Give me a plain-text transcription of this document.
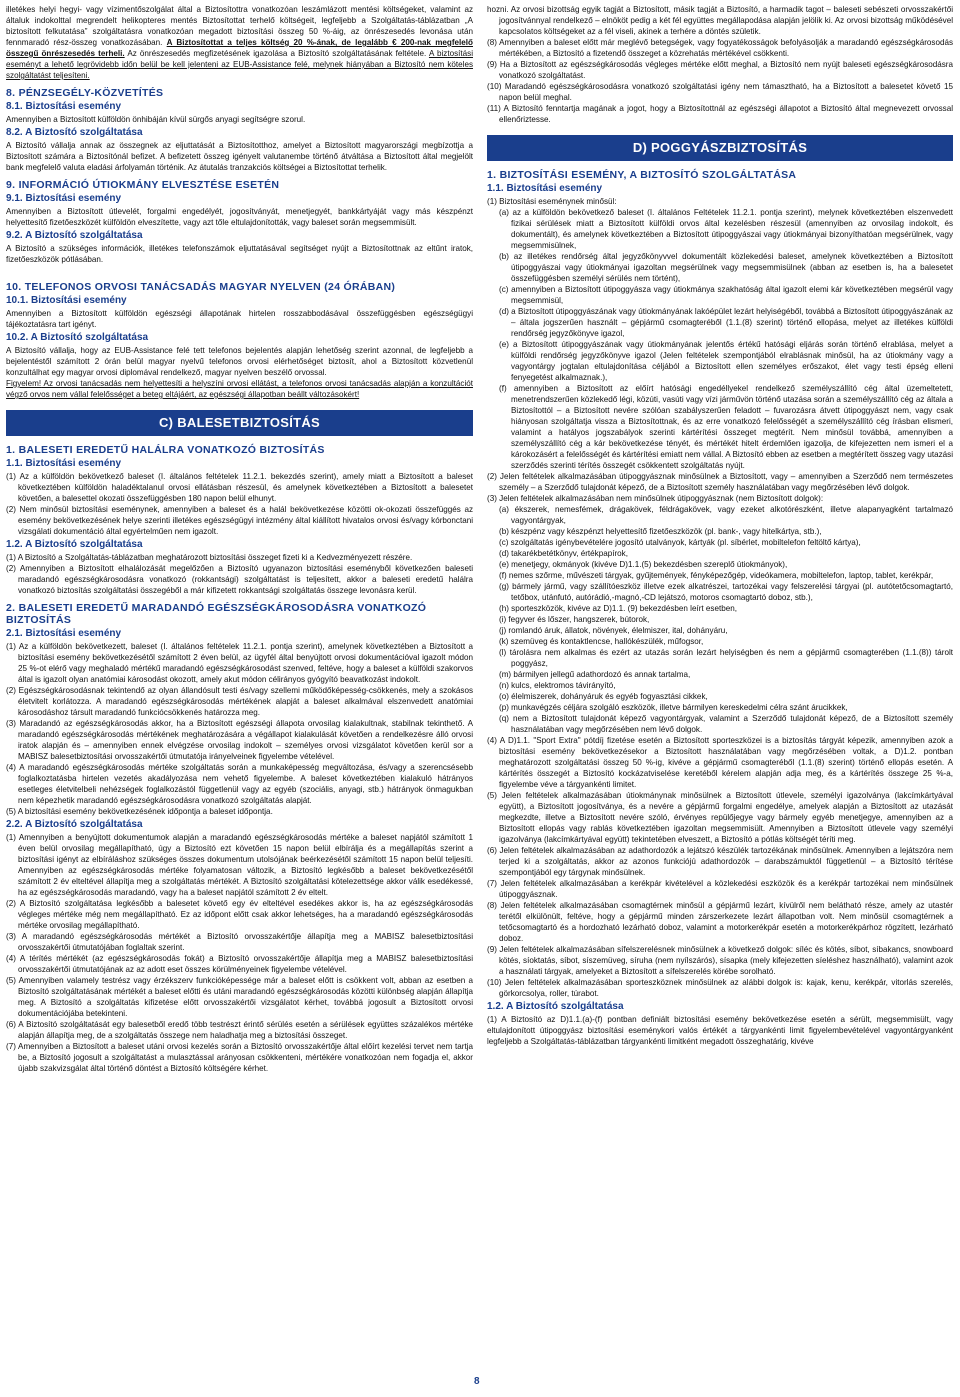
illetékes helyi hegyi- vagy vízimentőszolgálat által a Biztosítottra vonatkozóan leszámlázott mentési költségeket, valamint az általuk indokolttal megrendelt helikopteres mentés Biztosítottat terhelő költségeit, legfeljebb a Szolgáltatás-táblázatban „A biztosított felkutatása” szolgáltatásra vonatkozóan megadott biztosítási összeg 50 %-áig, az önrészesedés levonása után fennmaradó rész-összeg vonatkozásában. A Biztosítottat a teljes költség 20 %-ának, de legalább € 200-nak megfelelő összegű önrészesedés terheli. Az önrészesedés megfizetésének igazolása a Biztosító szolgáltatásának feltétele. A biztosítási eseményt a lehető legrövidebb időn belül be kell jelenteni az EUB-Assistance felé, melynek hiányában a Biztosító nem köteles szolgáltatást teljesíteni.

8. PÉNZSEGÉLY-KÖZVETÍTÉS
8.1. Biztosítási esemény

Amennyiben a Biztosított külföldön önhibáján kívül sürgős anyagi segítségre szorul.

8.2. A Biztosító szolgáltatása

A Biztosító vállalja annak az összegnek az eljuttatását a Biztosítotthoz, amelyet a Biztosított magyarországi megbízottja a Biztosított számára a Biztosítónál befizet. A befizetett összeg igényelt valutanembe történő átváltása a Biztosított által megjelölt bank megfelelő valuta eladási árfolyamán történik. Az átutalás tranzakciós költségei a Biztosítottat terhelik.

9. INFORMÁCIÓ ÚTIOKMÁNY ELVESZTÉSE ESETÉN
9.1. Biztosítási esemény

Amennyiben a Biztosított útlevelét, forgalmi engedélyét, jogosítványát, menetjegyét, bankkártyáját vagy más készpénzt helyettesítő fizetőeszközét külföldön elveszítette, vagy azt tőle eltulajdonították, vagy baleset során megsemmisült.

9.2. A Biztosító szolgáltatása

A Biztosító a szükséges információk, illetékes telefonszámok eljuttatásával segítséget nyújt a Biztosítottnak az eltűnt iratok, fizetőeszközök pótlásában.

10. TELEFONOS ORVOSI TANÁCSADÁS MAGYAR NYELVEN (24 ÓRÁBAN)
10.1. Biztosítási esemény

Amennyiben a Biztosított külföldön egészségi állapotának hirtelen rosszabbodásával összefüggésben egészségügyi tájékoztatásra tart igényt.

10.2. A Biztosító szolgáltatása

A Biztosító vállalja, hogy az EUB-Assistance felé tett telefonos bejelentés alapján lehetőség szerint azonnal, de legfeljebb a bejelentéstől számított 2 órán belül magyar nyelvű telefonos orvosi elérhetőséget biztosít, ahol a Biztosított közvetlenül konzultálhat egy magyar orvosi diplomával rendelkező, magyar nyelven beszélő orvossal.

Figyelem! Az orvosi tanácsadás nem helyettesíti a helyszíni orvosi ellátást, a telefonos orvosi tanácsadás alapján a konzultációt végző orvos nem vállal felelősséget a beteg eltájáért, az egészségi állapotban beállt változásokért!

C) BALESETBIZTOSÍTÁS
1. BALESETI EREDETŰ HALÁLRA VONATKOZÓ BIZTOSÍTÁS
1.1. Biztosítási esemény

(1) Az a külföldön bekövetkező baleset (I. általános feltételek 11.2.1. bekezdés szerint), amely miatt a Biztosított a baleset következtében külföldön haladéktalanul orvosi ellátásban részesül, és amelynek következtében a Biztosított a balesetet követően, a balesettel okozati összefüggésben 180 napon belül elhunyt.

(2) Nem minősül biztosítási eseménynek, amennyiben a baleset és a halál bekövetkezése közötti ok-okozati összefüggés az esemény bekövetkezésének helye szerinti illetékes egészségügyi intézmény által kiállított hivatalos orvosi és/vagy kórbonctani vizsgálati dokumentáció által egyértelműen nem igazolt.

1.2. A Biztosító szolgáltatása

(1) A Biztosító a Szolgáltatás-táblázatban meghatározott biztosítási összeget fizeti ki a Kedvezményezett részére.

(2) Amennyiben a Biztosított elhalálozását megelőzően a Biztosító ugyanazon biztosítási eseményből következően baleseti maradandó egészségkárosodásra vonatkozó (rokkantsági) szolgáltatást is teljesített, akkor a baleseti eredetű halálra vonatkozó biztosítás szolgáltatási összegéből a már kifizetett rokkantsági szolgáltatás összege levonásra kerül.

2. BALESETI EREDETŰ MARADANDÓ EGÉSZSÉGKÁROSODÁSRA VONATKOZÓ BIZTOSÍTÁS
2.1. Biztosítási esemény

(1) Az a külföldön bekövetkezett, baleset (I. általános feltételek 11.2.1. pontja szerint), amelynek következtében a Biztosított a biztosítási esemény bekövetkezésétől számított 2 éven belül, az ügyfél által benyújtott orvosi dokumentációval igazolt módon 25 %-ot elérő vagy meghaladó mértékű maradandó egészségkárosodást szenved, feltéve, hogy a baleset a külföldi szakorvos által is igazolt olyan anatómiai károsodást okozott, amely akut módon célirányos gyógyító beavatkozást indokolt.

(2) Egészségkárosodásnak tekintendő az olyan állandósult testi és/vagy szellemi működőképesség-csökkenés, mely a szokásos életvitelt korlátozza. A maradandó egészségkárosodás mértékének alapját a baleset alkalmával elszenvedett anatómiai károsodáshoz társult maradandó funkciócsökkenés határozza meg.

(3) Maradandó az egészségkárosodás akkor, ha a Biztosított egészségi állapota orvosilag kialakultnak, stabilnak tekinthető. A maradandó egészségkárosodás mértékének meghatározására a végállapot kialakulását követően a rendelkezésre álló orvosi iratok alapján és – amennyiben ennek elvégzése orvosilag indokolt – személyes orvosi vizsgálatot követően kerül sor a MABISZ balesetbiztosítási orvosszakértői útmutatója irányelveinek figyelembe vételével.

(4) A maradandó egészségkárosodás mértéke szolgáltatás során a munkaképesség megváltozása, és/vagy a szerencsésebb foglalkoztatásba hirtelen vezetés akadályozása nem vehető figyelembe. A baleset következtében kialakuló hátrányos esetleges életvitelbeli nehézségek foglalkozástól függetlenül vagy az egyéb (szociális, anyagi, stb.) hátrányok önmagukban nem képezhetik maradandó egészségkárosodásra vonatkozó szolgáltatás alapját.

(5) A biztosítási esemény bekövetkezésének időpontja a baleset időpontja.

2.2. A Biztosító szolgáltatása

(1) Amennyiben a benyújtott dokumentumok alapján a maradandó egészségkárosodás mértéke a baleset napjától számított 1 éven belül orvosilag megállapítható, úgy a Biztosító ezt követően 15 napon belül elbírálja és a megállapítás szerint a biztosítási igényt az elbíráláshoz szükséges összes dokumentum utolsójának beérkezésétől számított 15 napon belül teljesíti. Amennyiben az egészségkárosodás mértéke folyamatosan változik, a Biztosító legkésőbb a baleset bekövetkezésétől számított 2 év elteltével állapítja meg a szolgáltatás mértékét. A Biztosító szolgáltatási kötelezettsége akkor válik esedékessé, ha az egészségkárosodás maradandó, vagy ha a baleset napjától számított 2 év eltelt.

(2) A Biztosító szolgáltatása legkésőbb a balesetet követő egy év elteltével esedékes akkor is, ha az egészségkárosodás végleges mértéke még nem megállapítható. Ez az időpont előtt csak akkor lehetséges, ha a maradandó egészségkárosodás mértéke orvosilag megállapítható.

(3) A maradandó egészségkárosodás mértékét a Biztosító orvosszakértője állapítja meg a MABISZ balesetbiztosítási orvosszakértői útmutatójában foglaltak szerint.

(4) A térítés mértékét (az egészségkárosodás fokát) a Biztosító orvosszakértője állapítja meg a MABISZ balesetbiztosítási orvosszakértői útmutatójának az az adott eset összes körülményeinek figyelembe vételével.

(5) Amennyiben valamely testrész vagy érzékszerv funkcióképessége már a baleset előtt is csökkent volt, abban az esetben a Biztosító szolgáltatásának mértékét a baleset előtti és utáni maradandó egészségkárosodás közötti különbség alapján állapítja meg. A Biztosító a szolgáltatás kifizetése előtt orvosszakértői vizsgálatot kérhet, továbbá jogosult a Biztosított orvosi dokumentációjába betekinteni.

(6) A Biztosító szolgáltatását egy balesetből eredő több testrészt érintő sérülés esetén a sérülések együttes százalékos mértéke alapján állapítja meg, de a szolgáltatás összege nem haladhatja meg a biztosítási összeget.

(7) Amennyiben a Biztosított a baleset utáni orvosi kezelés során a Biztosító orvosszakértője által előírt kezelési tervet nem tartja be, a Biztosító jogosult a szolgáltatást a mulasztással arányosan csökkenteni, mértékére vonatkozóan nem fogadja el, akkor újabb szakvizsgálat által történő döntést a Biztosító költségére kérhet.

hozni. Az orvosi bizottság egyik tagját a Biztosított, másik tagját a Biztosító, a harmadik tagot – baleseti sebészeti orvosszakértői jogosítvánnyal rendelkező – elnököt pedig a két fél együttes megállapodása alapján jelölik ki. Az orvosi bizottság működésével kapcsolatos költségeket az a fél viseli, akinek a terhére a döntés születik.

(8) Amennyiben a baleset előtt már meglévő betegségek, vagy fogyatékosságok befolyásolják a maradandó egészségkárosodás mértékében, a Biztosító a fizetendő összeget a közrehatás mértékével csökkenti.

(9) Ha a Biztosított az egészségkárosodás végleges mértéke előtt meghal, a Biztosító nem nyújt baleseti egészségkárosodásra vonatkozó szolgáltatást.

(10) Maradandó egészségkárosodásra vonatkozó szolgáltatási igény nem támasztható, ha a Biztosított a balesetet követő 15 napon belül meghal.

(11) A Biztosító fenntartja magának a jogot, hogy a Biztosítottnál az egészségi állapotot a Biztosító által megnevezett orvossal ellenőriztesse.

D) POGGYÁSZBIZTOSÍTÁS
1. BIZTOSÍTÁSI ESEMÉNY, A BIZTOSÍTÓ SZOLGÁLTATÁSA
1.1. Biztosítási esemény

(1) Biztosítási eseménynek minősül:

(a) az a külföldön bekövetkező baleset (I. általános Feltételek 11.2.1. pontja szerint), melynek következtében elszenvedett fizikai sérülések miatt a Biztosított külföldi orvos által kezelésben részesül (amennyiben az orvosilag indokolt, és dokumentált), és amelynek következtében a Biztosított útipoggyászai vagy útiokmányai bizonyíthatóan megsérülnek, vagy megsemmisülnek,

(b) az illetékes rendőrség által jegyzőkönyvvel dokumentált közlekedési baleset, amelynek következtében a Biztosított útipoggyászai vagy útiokmányai igazoltan megsérülnek vagy megsemmisülnek (abban az esetben is, ha a balesetet összefüggésben személyi sérülés nem történt),

(c) amennyiben a Biztosított útipoggyásza vagy útiokmánya szakhatóság által igazolt elemi kár következtében megsérül vagy megsemmisül,

(d) a Biztosított útipoggyászának vagy útiokmányának lakóépület lezárt helyiségéből, továbbá a Biztosított útipoggyászának az – általa jogszerűen használt – gépjármű csomagteréből (1.1.(8) szerint) történő ellopása, melyet az illetékes külföldi rendőrség jegyzőkönyve igazol,

(e) a Biztosított útipoggyászának vagy útiokmányának jelentős értékű hatósági eljárás során történő elrablása, melyet a külföldi rendőrség jegyzőkönyve igazol (Jelen feltételek szempontjából elrablásnak minősül, ha az útiokmány vagy a vagyontárgy jogtalan eltulajdonítása céljából a Biztosított ellen személyes erőszakot, élet vagy testi épség elleni fenyegetést alkalmaznak.),

(f) amennyiben a Biztosított az előírt hatósági engedéllyekel rendelkező személyszállító cég által üzemeltetett, menetrendszerűen közlekedő légi, közúti, vasúti vagy vízi járművön történő utazása során a személyszállító cég az általa a Biztosítottól – a Biztosított nevére szólóan szabályszerűen feladott – fuvarozásra átvett útipoggyászt nem, vagy csak hiányosan szolgáltatja vissza a Biztosítottnak, és az erre vonatkozó felelősségét a személyszállító cég írásban elismeri, valamint a hatályos jogszabályok szerinti kártérítési összeget megtérít. Nem minősül továbbá, amennyiben a személyszállító cég a kár bekövetkezése tényét, és mértékét hitelt érdemlően igazolja, de kifejezetten nem ismeri el a károkozásért a felelősségét és kártérítési emiatt nem vállal. A Biztosító ebben az esetben a megtérített összeg vagy utazási szerződés szerinti térítés összegét csökkentett szolgáltatás nyújt.

(2) Jelen feltételek alkalmazásában útipoggyásznak minősülnek a Biztosított, vagy – amennyiben a Szerződő nem természetes személy – a Szerződő tulajdonát képező, de a Biztosított személy használatában vagy megőrzésében lévő dolgok.

(3) Jelen feltételek alkalmazásában nem minősülnek útipoggyásznak (nem Biztosított dolgok):

(a) ékszerek, nemesfémek, drágakövek, féldrágakövek, vagy ezeket alkotórészként, illetve alapanyagként tartalmazó vagyontárgyak,

(b) készpénz vagy készpénzt helyettesítő fizetőeszközök (pl. bank-, vagy hitelkártya, stb.),

(c) szolgáltatás igénybevételére jogosító utalványok, kártyák (pl. síbérlet, mobiltelefon feltöltő kártya),

(d) takarékbetétkönyv, értékpapírok,

(e) menetjegy, okmányok (kivéve D)1.1.(5) bekezdésben szereplő útiokmányok),

(f) nemes szőrme, művészeti tárgyak, gyűjtemények, fényképezőgép, videókamera, mobiltelefon, laptop, tablet, kerékpár,

(g) bármely jármű, vagy szállítóeszköz illetve ezek alkatrészei, tartozékai vagy felszerelési tárgyai (pl. autótetőcsomagtartó, tetőbox, utánfutó, autórádió,-magnó,-CD lejátszó, motoros csomagtartó doboz, stb.),

(h) sporteszközök, kivéve az D)1.1. (9) bekezdésben leírt esetben,

(i) fegyver és lőszer, hangszerek, bútorok,

(j) romlandó áruk, állatok, növények, élelmiszer, ital, dohányáru,

(k) szemüveg és kontaktlencse, hallókészülék, műfogsor,

(l) tárolásra nem alkalmas és ezért az utazás során lezárt helyiségben és nem a gépjármű csomagterében (1.1.(8)) tárolt poggyász,

(m) bármilyen jellegű adathordozó és annak tartalma,

(n) kulcs, elektromos távirányító,

(o) élelmiszerek, dohányáruk és egyéb fogyasztási cikkek,

(p) munkavégzés céljára szolgáló eszközök, illetve bármilyen kereskedelmi célra szánt árucikkek,

(q) nem a Biztosított tulajdonát képező vagyontárgyak, valamint a Szerződő tulajdonát képező, de a Biztosított személy használatában vagy megőrzésében nem lévő dolgok.

(4) A D)1.1. "Sport Extra" pótdíj fizetése esetén a Biztosított sporteszközei is a biztosítás tárgyát képezik, amennyiben azok a biztosítási esemény bekövetkezésekor a Biztosított használatában vagy megőrzésében voltak, a D)1.2. pontban meghatározott szolgáltatási összeg 50 %-ig, kivéve a gépjármű csomagteréből (1.1.(8) szerint) történő ellopás esetén. A kártérítés összegét a Biztosító kockázatviselése keretéből kérelem alapján adja meg, és a kártérítés összege 25 %-a, figyelembe véve a tárgyankénti limitet.

(5) Jelen feltételek alkalmazásában útiokmánynak minősülnek a Biztosított útlevele, személyi igazolványa (lakcímkártyával együtt), a Biztosított jogosítványa, és a nevére a gépjármű forgalmi engedélye, amelyek alapján a Biztosított az utazását megkezdte, illetve a Biztosított nevére szóló, érvényes repülőjegye vagy bármely egyéb menetjegye, amennyiben az a Biztosított ellopás vagy rablás következtében igazoltan megsemmisült. Amennyiben a Biztosított útlevele vagy személyi igazolványa (lakcímkártyával együtt) tekintetében elveszett, a Biztosító a pótlás költségét téríti meg.

(6) Jelen feltételek alkalmazásában az adathordozók a lejátszó készülék tartozékának minősülnek. Amennyiben a lejátszóra nem terjed ki a szolgáltatás, akkor az azonos funkciójú adathordozók – darabszámuktól függetlenül – a Biztosító térítése szempontjából egy tárgynak minősülnek.

(7) Jelen feltételek alkalmazásában a kerékpár kivételével a közlekedési eszközök és a kerékpár tartozékai nem minősülnek útipoggyásznak.

(8) Jelen feltételek alkalmazásában csomagtérnek minősül a gépjármű lezárt, kívülről nem belátható része, amely az utastér terétől elkülönült, feltéve, hogy a gépjármű minden zárszerkezete lezárt állapotban volt. Nem minősül csomagtérnek a tetőcsomagtartó és a hordozható lezárható doboz, valamint a motorkerékpár esetén a motorkerékpárhoz rögzített, lezárható doboz.

(9) Jelen feltételek alkalmazásában sífelszerelésnek minősülnek a következő dolgok: síléc és kötés, síbot, síbakancs, snowboard kötés, síoktatás, síbot, síszemüveg, síruha (nem nyílszárós), sísapka (mely kifejezetten síeléshez használható), valamint azok a használati tárgyak, amelyeket a Biztosított a sífelszerelés körébe sorolható.

(10) Jelen feltételek alkalmazásában sporteszköznek minősülnek az alábbi dolgok is: kajak, kenu, kerékpár, vitorlás szerelés, görkorcsolya, roller, túrabot.

1.2. A Biztosító szolgáltatása

(1) A Biztosító az D)1.1.(a)-(f) pontban definiált biztosítási esemény bekövetkezése esetén a sérült, megsemmisült, vagy eltulajdonított útipoggyász biztosítási eseménykori valós értékét a tárgyankénti limit figyelembevételével vagyontárgyanként legfeljebb a Szolgáltatás-táblázatban tárgyankénti limitként megadott összeghatárig, kivéve

8
